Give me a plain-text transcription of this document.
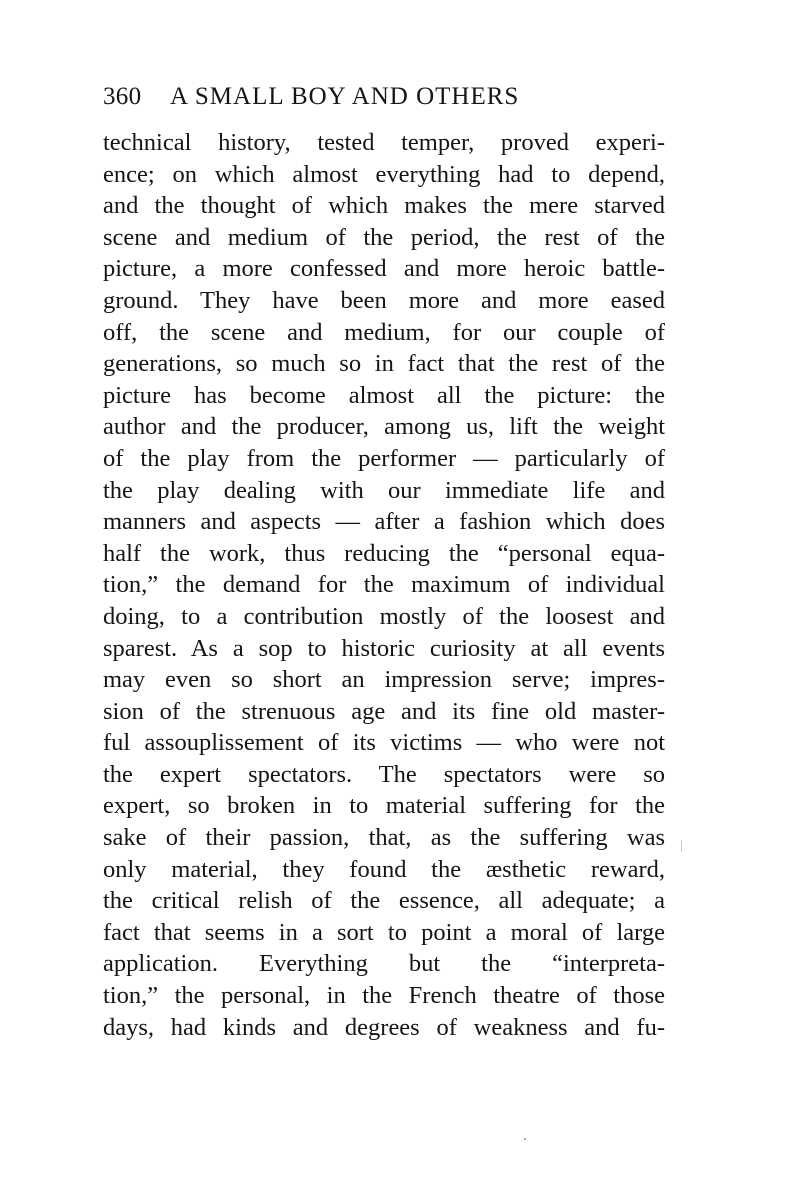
360 A SMALL BOY AND OTHERS
technical history, tested temper, proved experi-
ence; on which almost everything had to depend,
and the thought of which makes the mere starved
scene and medium of the period, the rest of the
picture, a more confessed and more heroic battle-
ground. They have been more and more eased
off, the scene and medium, for our couple of
generations, so much so in fact that the rest of the
picture has become almost all the picture: the
author and the producer, among us, lift the weight
of the play from the performer — particularly of
the play dealing with our immediate life and
manners and aspects — after a fashion which does
half the work, thus reducing the “personal equa-
tion,” the demand for the maximum of individual
doing, to a contribution mostly of the loosest and
sparest. As a sop to historic curiosity at all events
may even so short an impression serve; impres-
sion of the strenuous age and its fine old master-
ful assouplissement of its victims — who were not
the expert spectators. The spectators were so
expert, so broken in to material suffering for the
sake of their passion, that, as the suffering was
only material, they found the æsthetic reward,
the critical relish of the essence, all adequate; a
fact that seems in a sort to point a moral of large
application. Everything but the “interpreta-
tion,” the personal, in the French theatre of those
days, had kinds and degrees of weakness and fu-
